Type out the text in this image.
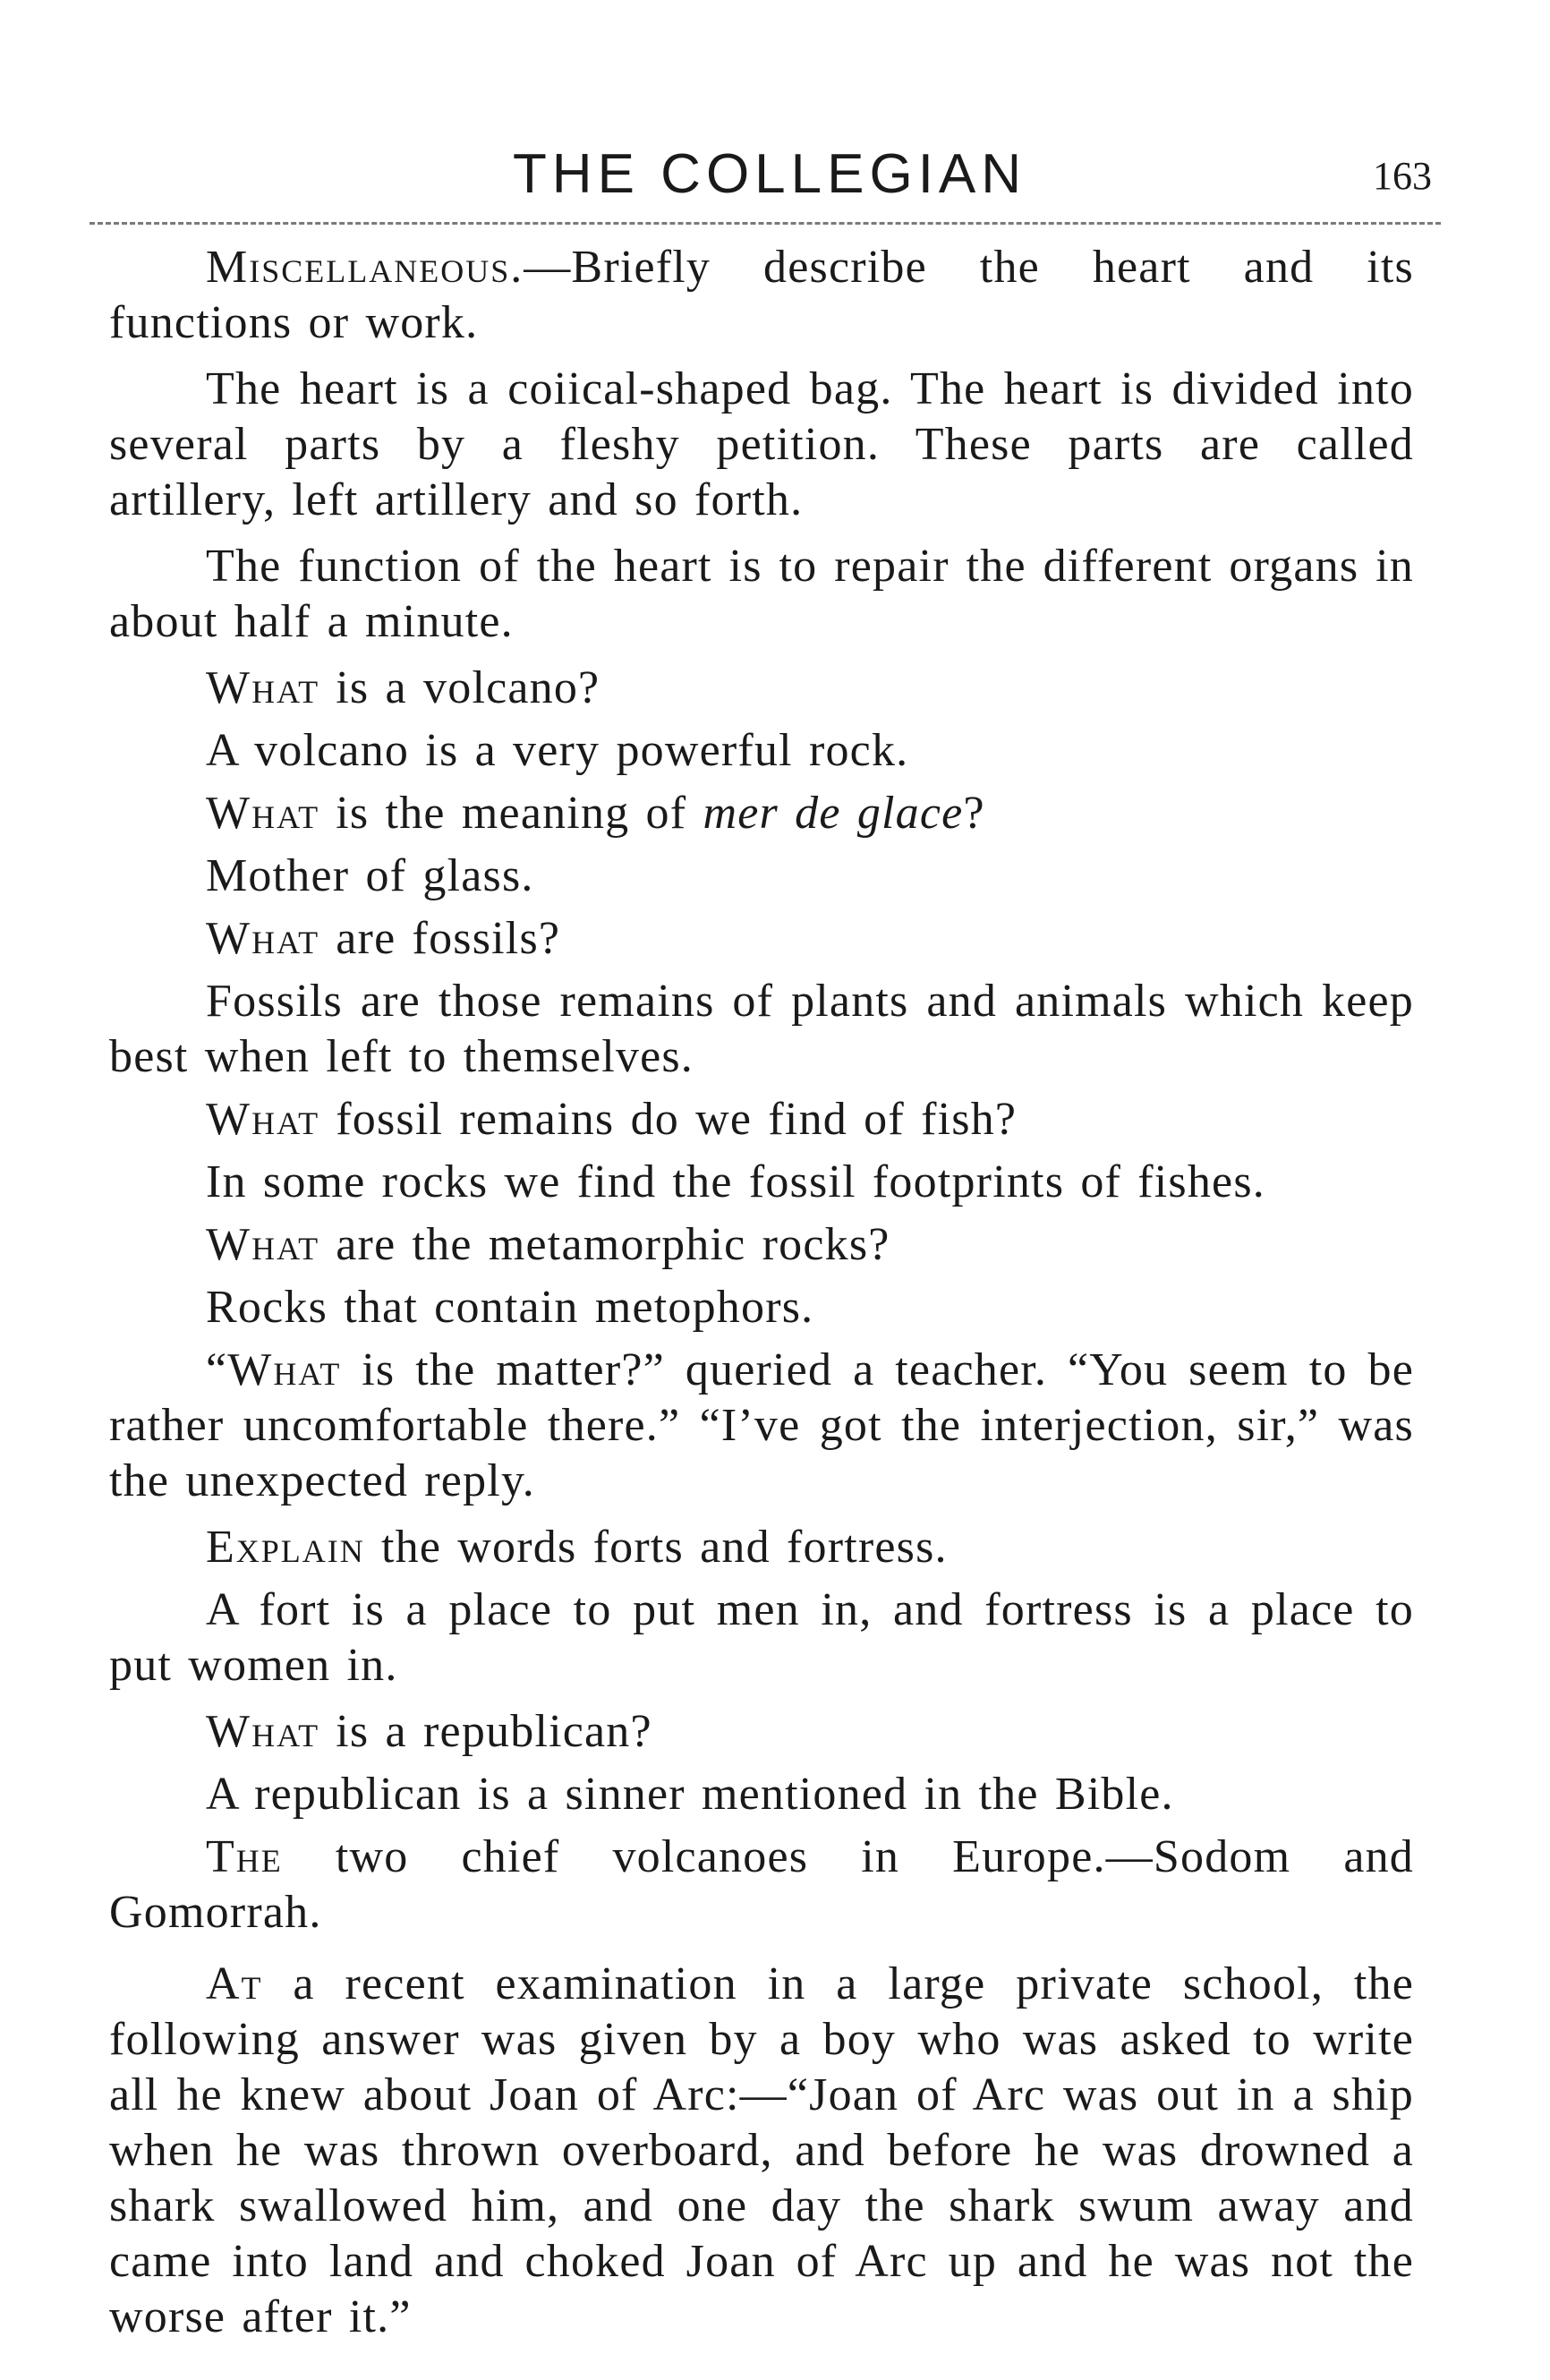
THE COLLEGIAN	163

Miscellaneous.—Briefly describe the heart and its functions or work.

The heart is a coiical-shaped bag. The heart is divided into several parts by a fleshy petition. These parts are called artillery, left artillery and so forth.

The function of the heart is to repair the different organs in about half a minute.

What is a volcano?

A volcano is a very powerful rock.

What is the meaning of mer de glace?

Mother of glass.

What are fossils?

Fossils are those remains of plants and animals which keep best when left to themselves.

What fossil remains do we find of fish?

In some rocks we find the fossil footprints of fishes.

What are the metamorphic rocks?

Rocks that contain metophors.

“What is the matter?” queried a teacher. “You seem to be rather uncomfortable there.” “I’ve got the interjection, sir,” was the unexpected reply.

Explain the words forts and fortress.

A fort is a place to put men in, and fortress is a place to put women in.

What is a republican?

A republican is a sinner mentioned in the Bible.

The two chief volcanoes in Europe.—Sodom and Gomorrah.

At a recent examination in a large private school, the following answer was given by a boy who was asked to write all he knew about Joan of Arc:—“Joan of Arc was out in a ship when he was thrown overboard, and before he was drowned a shark swallowed him, and one day the shark swum away and came into land and choked Joan of Arc up and he was not the worse after it.”
